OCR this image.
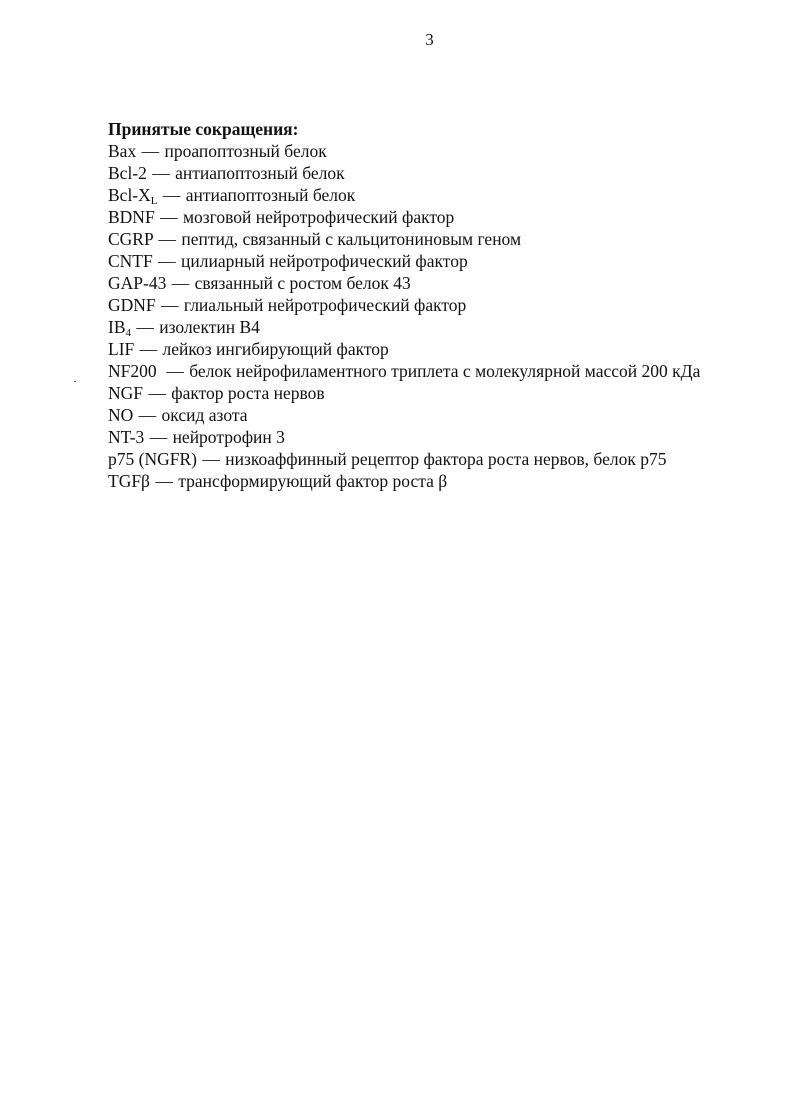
3
Принятые сокращения:
Bax — проапоптозный белок
Bcl-2 — антиапоптозный белок
Bcl-$X_L$ — антиапоптозный белок
BDNF — мозговой нейротрофический фактор
CGRP — пептид, связанный с кальцитониновым геном
CNTF — цилиарный нейротрофический фактор
GAP-43 — связанный с ростом белок 43
GDNF — глиальный нейротрофический фактор
$IB_4$ — изолектин B4
LIF — лейкоз ингибирующий фактор
NF200 — белок нейрофиламентного триплета с молекулярной массой 200 кДа
NGF — фактор роста нервов
NO — оксид азота
NT-3 — нейротрофин 3
p75 (NGFR) — низкоаффинный рецептор фактора роста нервов, белок p75
TGFβ — трансформирующий фактор роста β
